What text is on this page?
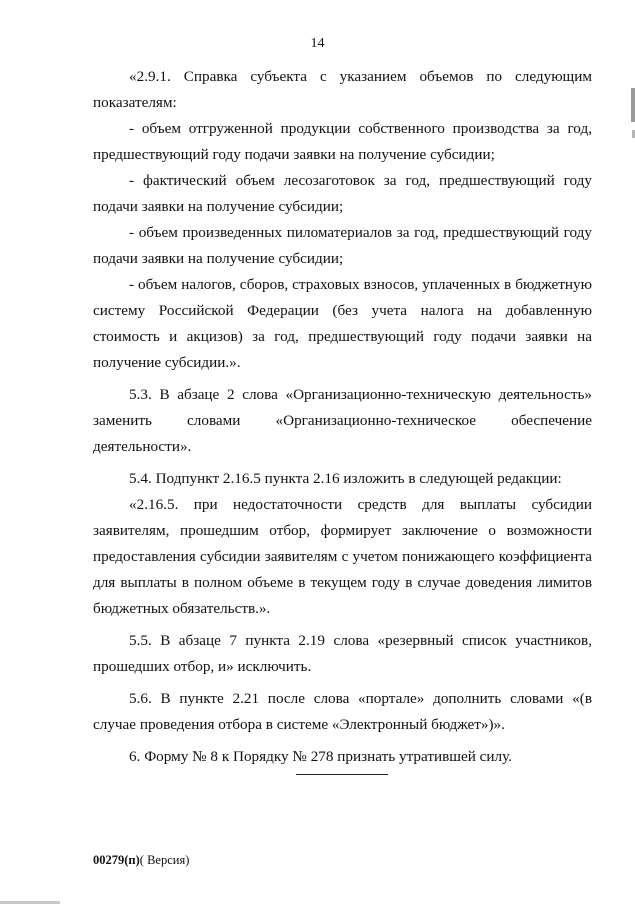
14

«2.9.1. Справка субъекта с указанием объемов по следующим показателям:

- объем отгруженной продукции собственного производства за год, предшествующий году подачи заявки на получение субсидии;

- фактический объем лесозаготовок за год, предшествующий году подачи заявки на получение субсидии;

- объем произведенных пиломатериалов за год, предшествующий году подачи заявки на получение субсидии;

- объем налогов, сборов, страховых взносов, уплаченных в бюджетную систему Российской Федерации (без учета налога на добавленную стоимость и акцизов) за год, предшествующий году подачи заявки на получение субсидии.».

5.3. В абзаце 2 слова «Организационно-техническую деятельность» заменить словами «Организационно-техническое обеспечение деятельности».

5.4. Подпункт 2.16.5 пункта 2.16 изложить в следующей редакции:

«2.16.5. при недостаточности средств для выплаты субсидии заявителям, прошедшим отбор, формирует заключение о возможности предоставления субсидии заявителям с учетом понижающего коэффициента для выплаты в полном объеме в текущем году в случае доведения лимитов бюджетных обязательств.».

5.5. В абзаце 7 пункта 2.19 слова «резервный список участников, прошедших отбор, и» исключить.

5.6. В пункте 2.21 после слова «портале» дополнить словами «(в случае проведения отбора в системе «Электронный бюджет»)».

6. Форму № 8 к Порядку № 278 признать утратившей силу.

00279(п)( Версия)
